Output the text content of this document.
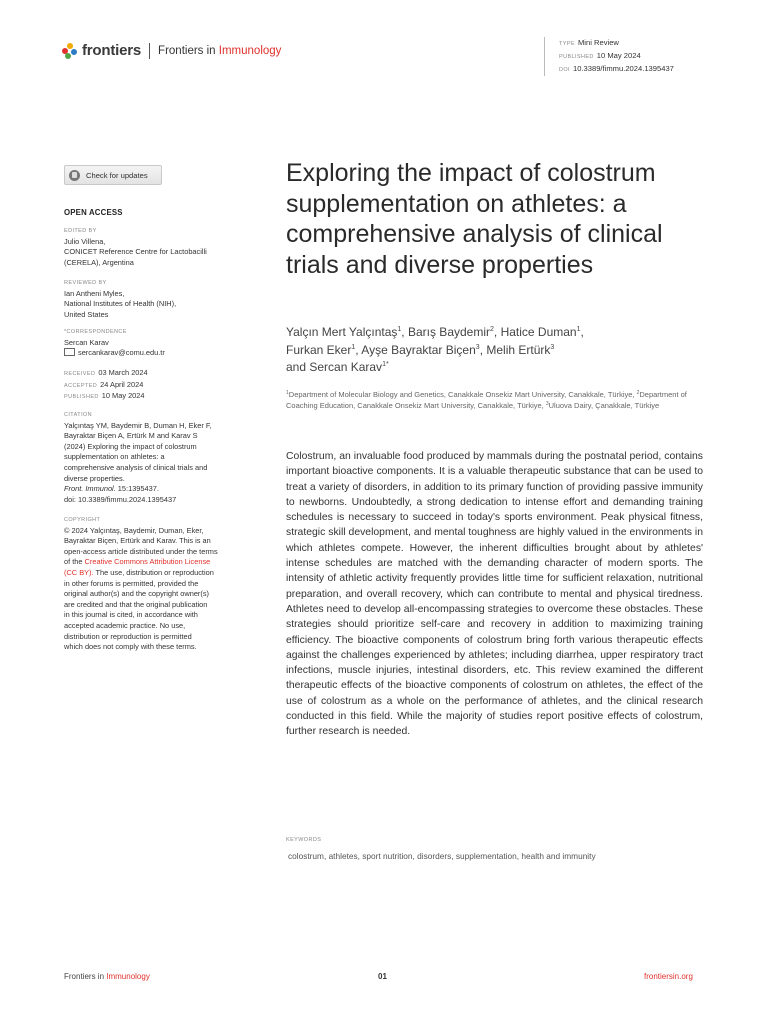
frontiers Frontiers in Immunology
TYPE Mini Review
PUBLISHED 10 May 2024
DOI 10.3389/fimmu.2024.1395437
Check for updates
OPEN ACCESS
EDITED BY
Julio Villena,
CONICET Reference Centre for Lactobacilli
(CERELA), Argentina
REVIEWED BY
Ian Antheni Myles,
National Institutes of Health (NIH),
United States
*CORRESPONDENCE
Sercan Karav
sercankarav@comu.edu.tr
RECEIVED 03 March 2024
ACCEPTED 24 April 2024
PUBLISHED 10 May 2024
CITATION
Yalçıntaş YM, Baydemir B, Duman H, Eker F,
Bayraktar Biçen A, Ertürk M and Karav S
(2024) Exploring the impact of colostrum
supplementation on athletes: a
comprehensive analysis of clinical trials and
diverse properties.
Front. Immunol. 15:1395437.
doi: 10.3389/fimmu.2024.1395437
COPYRIGHT
© 2024 Yalçıntaş, Baydemir, Duman, Eker,
Bayraktar Biçen, Ertürk and Karav. This is an
open-access article distributed under the terms
of the Creative Commons Attribution License
(CC BY). The use, distribution or reproduction
in other forums is permitted, provided the
original author(s) and the copyright owner(s)
are credited and that the original publication
in this journal is cited, in accordance with
accepted academic practice. No use,
distribution or reproduction is permitted
which does not comply with these terms.
Exploring the impact of colostrum supplementation on athletes: a comprehensive analysis of clinical trials and diverse properties
Yalçın Mert Yalçıntaş$^1$, Barış Baydemir$^2$, Hatice Duman$^1$,
Furkan Eker$^1$, Ayşe Bayraktar Biçen$^3$, Melih Ertürk$^3$
and Sercan Karav$^{1*}$
$^1$Department of Molecular Biology and Genetics, Canakkale Onsekiz Mart University, Canakkale, Türkiye, $^2$Department of Coaching Education, Canakkale Onsekiz Mart University, Canakkale, Türkiye, $^3$Uluova Dairy, Çanakkale, Türkiye
Colostrum, an invaluable food produced by mammals during the postnatal period, contains important bioactive components. It is a valuable therapeutic substance that can be used to treat a variety of disorders, in addition to its primary function of providing passive immunity to newborns. Undoubtedly, a strong dedication to intense effort and demanding training schedules is necessary to succeed in today's sports environment. Peak physical fitness, strategic skill development, and mental toughness are highly valued in the environments in which athletes compete. However, the inherent difficulties brought about by athletes' intense schedules are matched with the demanding character of modern sports. The intensity of athletic activity frequently provides little time for sufficient relaxation, nutritional preparation, and overall recovery, which can contribute to mental and physical tiredness. Athletes need to develop all-encompassing strategies to overcome these obstacles. These strategies should prioritize self-care and recovery in addition to maximizing training efficiency. The bioactive components of colostrum bring forth various therapeutic effects against the challenges experienced by athletes; including diarrhea, upper respiratory tract infections, muscle injuries, intestinal disorders, etc. This review examined the different therapeutic effects of the bioactive components of colostrum on athletes, the effect of the use of colostrum as a whole on the performance of athletes, and the clinical research conducted in this field. While the majority of studies report positive effects of colostrum, further research is needed.
KEYWORDS
colostrum, athletes, sport nutrition, disorders, supplementation, health and immunity
Frontiers in Immunology	01	frontiersin.org
